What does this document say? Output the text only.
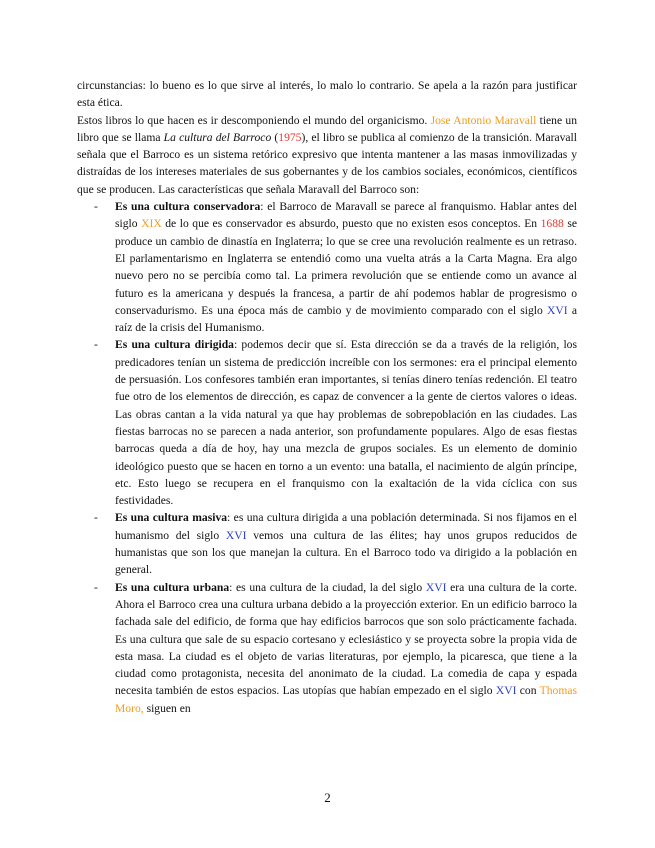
circunstancias: lo bueno es lo que sirve al interés, lo malo lo contrario. Se apela a la razón para justificar esta ética.

Estos libros lo que hacen es ir descomponiendo el mundo del organicismo. Jose Antonio Maravall tiene un libro que se llama La cultura del Barroco (1975), el libro se publica al comienzo de la transición. Maravall señala que el Barroco es un sistema retórico expresivo que intenta mantener a las masas inmovilizadas y distraídas de los intereses materiales de sus gobernantes y de los cambios sociales, económicos, científicos que se producen. Las características que señala Maravall del Barroco son:

- Es una cultura conservadora: el Barroco de Maravall se parece al franquismo. Hablar antes del siglo XIX de lo que es conservador es absurdo, puesto que no existen esos conceptos. En 1688 se produce un cambio de dinastía en Inglaterra; lo que se cree una revolución realmente es un retraso. El parlamentarismo en Inglaterra se entendió como una vuelta atrás a la Carta Magna. Era algo nuevo pero no se percibía como tal. La primera revolución que se entiende como un avance al futuro es la americana y después la francesa, a partir de ahí podemos hablar de progresismo o conservadurismo. Es una época más de cambio y de movimiento comparado con el siglo XVI a raíz de la crisis del Humanismo.
- Es una cultura dirigida: podemos decir que sí. Esta dirección se da a través de la religión, los predicadores tenían un sistema de predicción increíble con los sermones: era el principal elemento de persuasión. Los confesores también eran importantes, si tenías dinero tenías redención. El teatro fue otro de los elementos de dirección, es capaz de convencer a la gente de ciertos valores o ideas. Las obras cantan a la vida natural ya que hay problemas de sobrepoblación en las ciudades. Las fiestas barrocas no se parecen a nada anterior, son profundamente populares. Algo de esas fiestas barrocas queda a día de hoy, hay una mezcla de grupos sociales. Es un elemento de dominio ideológico puesto que se hacen en torno a un evento: una batalla, el nacimiento de algún príncipe, etc. Esto luego se recupera en el franquismo con la exaltación de la vida cíclica con sus festividades.
- Es una cultura masiva: es una cultura dirigida a una población determinada. Si nos fijamos en el humanismo del siglo XVI vemos una cultura de las élites; hay unos grupos reducidos de humanistas que son los que manejan la cultura. En el Barroco todo va dirigido a la población en general.
- Es una cultura urbana: es una cultura de la ciudad, la del siglo XVI era una cultura de la corte. Ahora el Barroco crea una cultura urbana debido a la proyección exterior. En un edificio barroco la fachada sale del edificio, de forma que hay edificios barrocos que son solo prácticamente fachada. Es una cultura que sale de su espacio cortesano y eclesiástico y se proyecta sobre la propia vida de esta masa. La ciudad es el objeto de varias literaturas, por ejemplo, la picaresca, que tiene a la ciudad como protagonista, necesita del anonimato de la ciudad. La comedia de capa y espada necesita también de estos espacios. Las utopías que habían empezado en el siglo XVI con Thomas Moro, siguen en
2
